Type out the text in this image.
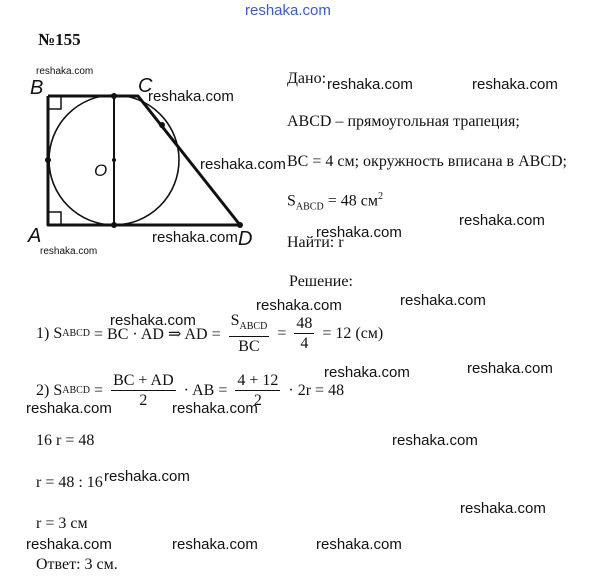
reshaka.com
№155
B	C
A	D
O
reshaka.com
reshaka.com
Дано:
ABCD – прямоугольная трапеция;
BC = 4 см; окружность вписана в ABCD;
$S_{ABCD} = 48$ $см^2$
Найти: r
Решение:
1) S ABCD = BC · AD ⇒ AD = $\frac{S_{ABCD}}{BC} = \frac{48}{4} = 12$ (см)
2) S ABCD = $\frac{BC + AD}{2}$ · AB = $\frac{4 + 12}{2} \cdot 2r = 48$
16 r = 48
r = 48 : 16
r = 3 см
Ответ: 3 см.
reshaka.com	reshaka.com
reshaka.com
reshaka.com
reshaka.com
reshaka.com	reshaka.com
reshaka.com	reshaka.com
reshaka.com
reshaka.com
reshaka.com
reshaka.com	reshaka.com
reshaka.com
reshaka.com
reshaka.com
reshaka.com	reshaka.com	reshaka.com
